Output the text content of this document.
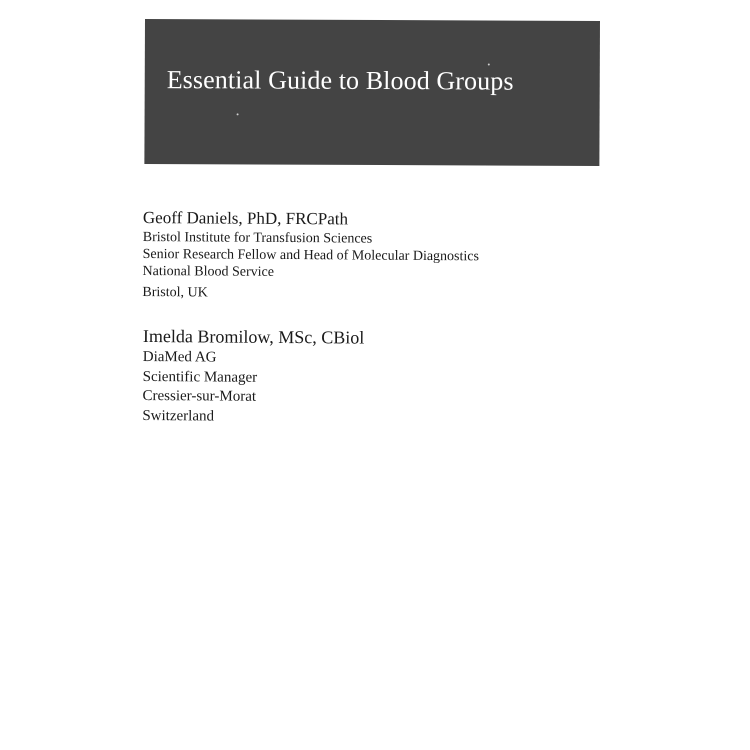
Essential Guide to Blood Groups
Geoff Daniels, PhD, FRCPath
Bristol Institute for Transfusion Sciences
Senior Research Fellow and Head of Molecular Diagnostics
National Blood Service
Bristol, UK
Imelda Bromilow, MSc, CBiol
DiaMed AG
Scientific Manager
Cressier-sur-Morat
Switzerland
